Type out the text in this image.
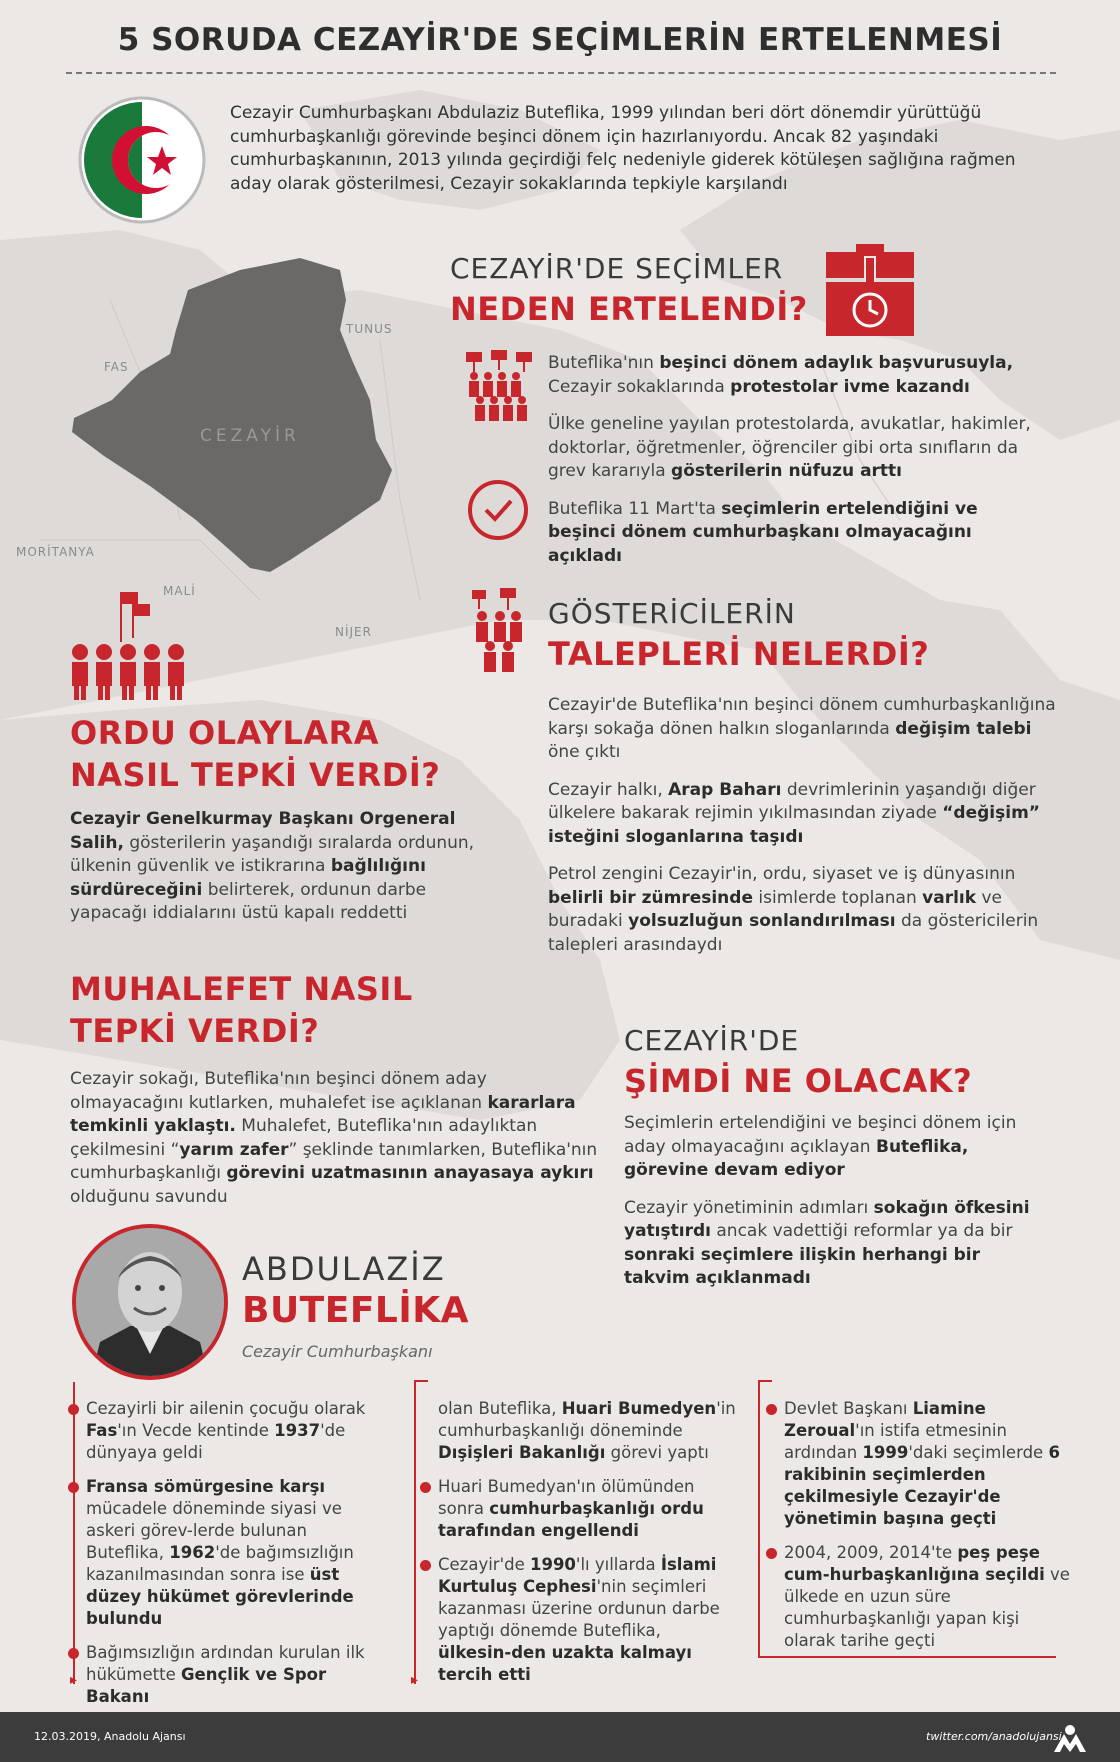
5 SORUDA CEZAYİR'DE SEÇİMLERİN ERTELENMESİ
Cezayir Cumhurbaşkanı Abdulaziz Buteflika, 1999 yılından beri dört dönemdir yürüttüğü cumhurbaşkanlığı görevinde beşinci dönem için hazırlanıyordu. Ancak 82 yaşındaki cumhurbaşkanının, 2013 yılında geçirdiği felç nedeniyle giderek kötüleşen sağlığına rağmen aday olarak gösterilmesi, Cezayir sokaklarında tepkiyle karşılandı
TUNUS
FAS
CEZAYİR
MORİTANYA
MALİ
NİJER
CEZAYİR'DE SEÇİMLER
NEDEN ERTELENDİ?

Buteflika'nın beşinci dönem adaylık başvurusuyla, Cezayir sokaklarında protestolar ivme kazandı

Ülke geneline yayılan protestolarda, avukatlar, hakimler, doktorlar, öğretmenler, öğrenciler gibi orta sınıfların da grev kararıyla gösterilerin nüfuzu arttı

Buteflika 11 Mart'ta seçimlerin ertelendiğini ve beşinci dönem cumhurbaşkanı olmayacağını açıkladı

GÖSTERİCİLERİN
TALEPLERİ NELERDİ?

Cezayir'de Buteflika'nın beşinci dönem cumhurbaşkanlığına karşı sokağa dönen halkın sloganlarında değişim talebi öne çıktı

Cezayir halkı, Arap Baharı devrimlerinin yaşandığı diğer ülkelere bakarak rejimin yıkılmasından ziyade “değişim” isteğini sloganlarına taşıdı

Petrol zengini Cezayir'in, ordu, siyaset ve iş dünyasının belirli bir zümresinde isimlerde toplanan varlık ve buradaki yolsuzluğun sonlandırılması da göstericilerin talepleri arasındaydı

ORDU OLAYLARA
NASIL TEPKİ VERDİ?
Cezayir Genelkurmay Başkanı Orgeneral Salih, gösterilerin yaşandığı sıralarda ordunun, ülkenin güvenlik ve istikrarına bağlılığını sürdüreceğini belirterek, ordunun darbe yapacağı iddialarını üstü kapalı reddetti
MUHALEFET NASIL
TEPKİ VERDİ?
Cezayir sokağı, Buteflika'nın beşinci dönem aday olmayacağını kutlarken, muhalefet ise açıklanan kararlara temkinli yaklaştı. Muhalefet, Buteflika'nın adaylıktan çekilmesini “yarım zafer” şeklinde tanımlarken, Buteflika'nın cumhurbaşkanlığı görevini uzatmasının anayasaya aykırı olduğunu savundu
CEZAYİR'DE
ŞİMDİ NE OLACAK?

Seçimlerin ertelendiğini ve beşinci dönem için aday olmayacağını açıklayan Buteflika, görevine devam ediyor

Cezayir yönetiminin adımları sokağın öfkesini yatıştırdı ancak vadettiği reformlar ya da bir sonraki seçimlere ilişkin herhangi bir takvim açıklanmadı

ABDULAZİZ
BUTEFLİKA
Cezayir Cumhurbaşkanı
▸	▸
Cezayirli bir ailenin çocuğu olarak Fas'ın Vecde kentinde 1937'de dünyaya geldi
Fransa sömürgesine karşı mücadele döneminde siyasi ve askeri görev-lerde bulunan Buteflika, 1962'de bağımsızlığın kazanılmasından sonra ise üst düzey hükümet görevlerinde bulundu
Bağımsızlığın ardından kurulan ilk hükümette Gençlik ve Spor Bakanı
olan Buteflika, Huari Bumedyen'in cumhurbaşkanlığı döneminde Dışişleri Bakanlığı görevi yaptı
Huari Bumedyan'ın ölümünden sonra cumhurbaşkanlığı ordu tarafından engellendi
Cezayir'de 1990'lı yıllarda İslami Kurtuluş Cephesi'nin seçimleri kazanması üzerine ordunun darbe yaptığı dönemde Buteflika, ülkesin-den uzakta kalmayı tercih etti
Devlet Başkanı Liamine Zeroual'ın istifa etmesinin ardından 1999'daki seçimlerde 6 rakibinin seçimlerden çekilmesiyle Cezayir'de yönetimin başına geçti
2004, 2009, 2014'te peş peşe cum-hurbaşkanlığına seçildi ve ülkede en uzun süre cumhurbaşkanlığı yapan kişi olarak tarihe geçti
12.03.2019, Anadolu Ajansı	twitter.com/anadolujansi
